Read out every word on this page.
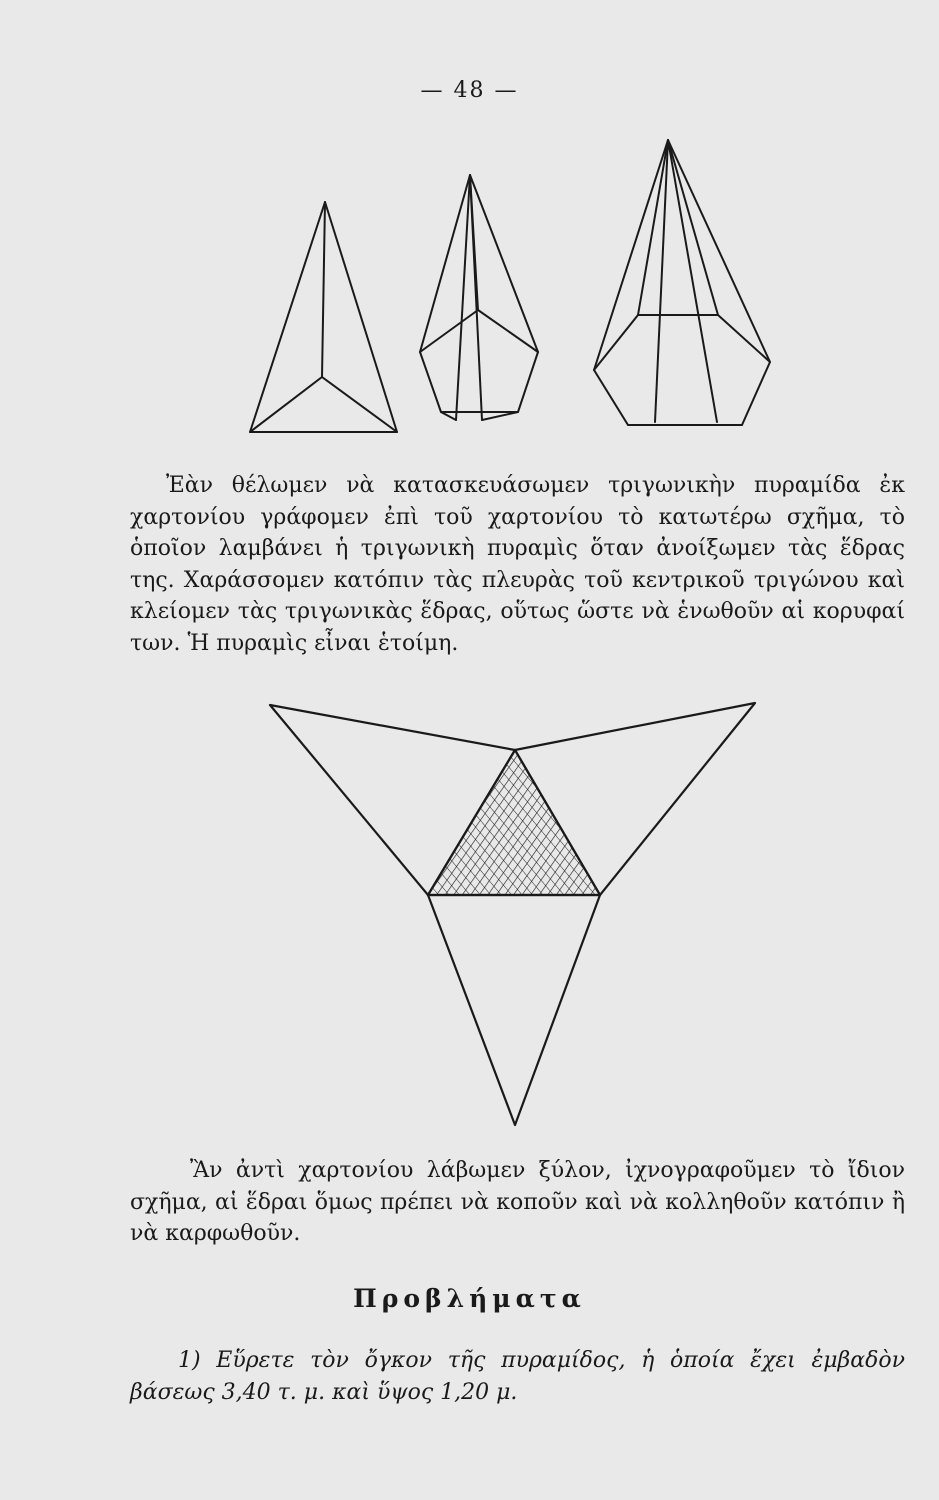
— 48 —
Ἐὰν θέλωμεν νὰ κατασκευάσωμεν τριγωνικὴν πυραμίδα ἐκ χαρτονίου γράφομεν ἐπὶ τοῦ χαρτονίου τὸ κατωτέρω σχῆμα, τὸ ὁποῖον λαμβάνει ἡ τριγωνικὴ πυραμὶς ὅταν ἀνοίξωμεν τὰς ἕδρας της. Χαράσσομεν κατόπιν τὰς πλευρὰς τοῦ κεντρικοῦ τριγώνου καὶ κλείομεν τὰς τριγωνικὰς ἕδρας, οὕτως ὥστε νὰ ἑνωθοῦν αἱ κορυφαί των. Ἡ πυραμὶς εἶναι ἑτοίμη.
Ἂν ἀντὶ χαρτονίου λάβωμεν ξύλον, ἰχνογραφοῦμεν τὸ ἴδιον σχῆμα, αἱ ἕδραι ὅμως πρέπει νὰ κοποῦν καὶ νὰ κολληθοῦν κατόπιν ἢ νὰ καρφωθοῦν.
Προβλήματα
1) Εὕρετε τὸν ὄγκον τῆς πυραμίδος, ἡ ὁποία ἔχει ἐμβαδὸν βάσεως 3,40 τ. μ. καὶ ὕψος 1,20 μ.
